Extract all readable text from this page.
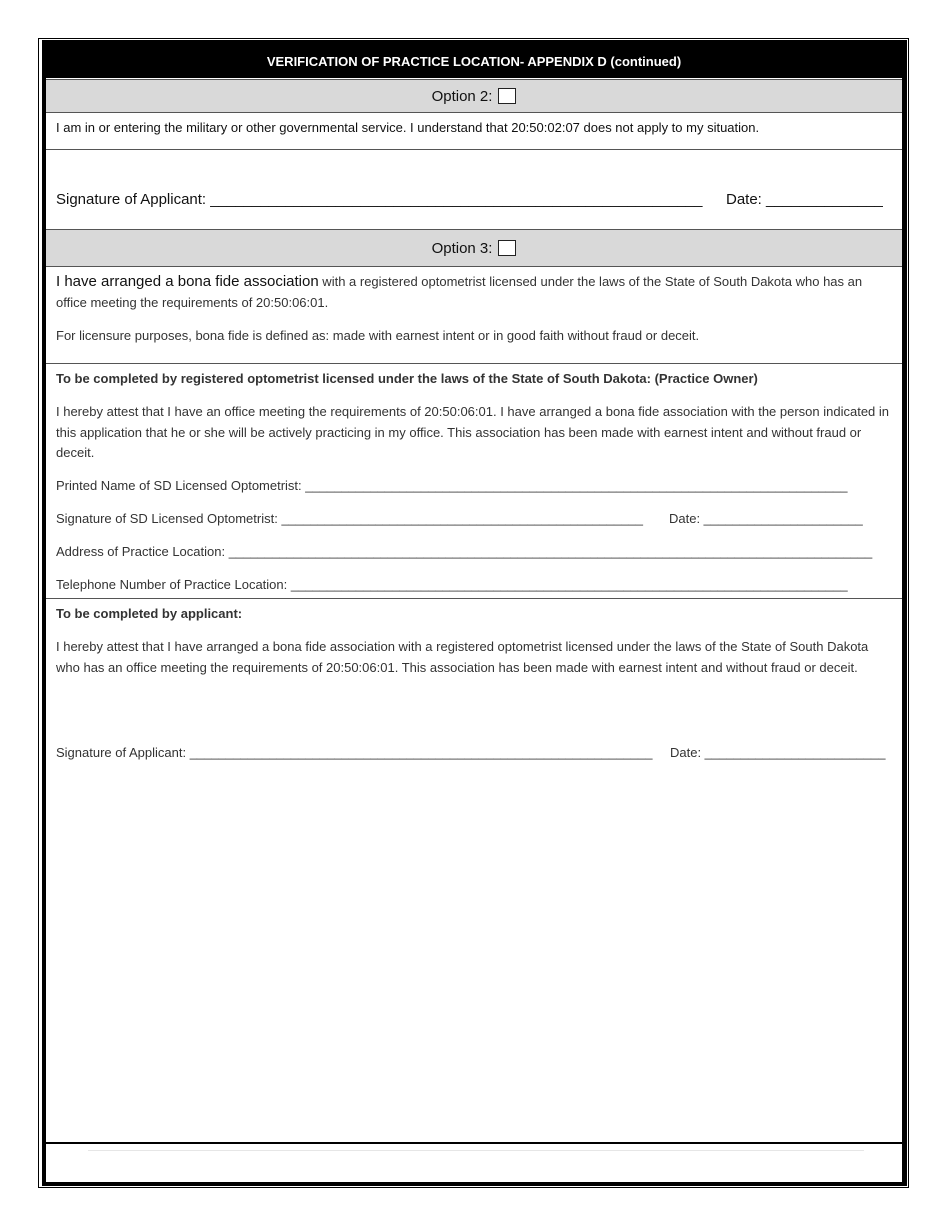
VERIFICATION OF PRACTICE LOCATION- APPENDIX D (continued)
Option 2:
I am in or entering the military or other governmental service. I understand that 20:50:02:07 does not apply to my situation.
Signature of Applicant: ___________________________________________________________ Date: ______________
Option 3:
I have arranged a bona fide association with a registered optometrist licensed under the laws of the State of South Dakota who has an office meeting the requirements of 20:50:06:01.
For licensure purposes, bona fide is defined as: made with earnest intent or in good faith without fraud or deceit.
To be completed by registered optometrist licensed under the laws of the State of South Dakota: (Practice Owner)
I hereby attest that I have an office meeting the requirements of 20:50:06:01. I have arranged a bona fide association with the person indicated in this application that he or she will be actively practicing in my office. This association has been made with earnest intent and without fraud or deceit.
Printed Name of SD Licensed Optometrist: ___________________________________________________________________________
Signature of SD Licensed Optometrist: __________________________________________________ Date: ______________________
Address of Practice Location: _________________________________________________________________________________________
Telephone Number of Practice Location: _____________________________________________________________________________
To be completed by applicant:
I hereby attest that I have arranged a bona fide association with a registered optometrist licensed under the laws of the State of South Dakota who has an office meeting the requirements of 20:50:06:01. This association has been made with earnest intent and without fraud or deceit.
Signature of Applicant: ________________________________________________________________ Date: _________________________
